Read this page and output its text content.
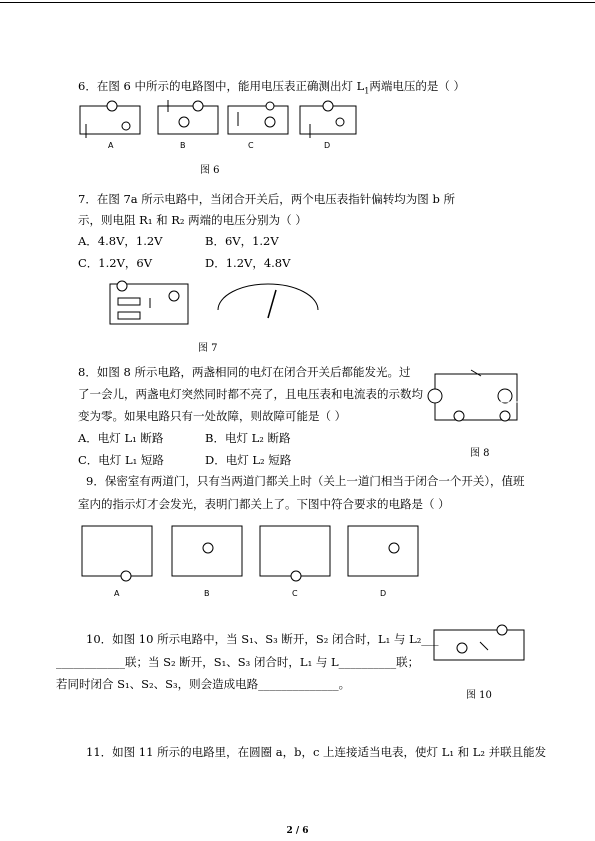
6．在图 6 中所示的电路图中，能用电压表正确测出灯 $L_1$两端电压的是（ ）
A	B	C	D
图 6
7．在图 7a 所示电路中，当闭合开关后，两个电压表指针偏转均为图 b 所
示，则电阻 R₁ 和 R₂ 两端的电压分别为（ ）
A．4.8V，1.2V	B．6V，1.2V
C．1.2V，6V	D．1.2V，4.8V
图 7
8．如图 8 所示电路，两盏相同的电灯在闭合开关后都能发光。过
了一会儿，两盏电灯突然同时都不亮了，且电压表和电流表的示数均
变为零。如果电路只有一处故障，则故障可能是（ ）
A．电灯 L₁ 断路	B．电灯 L₂ 断路
C．电灯 L₁ 短路	D．电灯 L₂ 短路	图 8
9．保密室有两道门，只有当两道门都关上时（关上一道门相当于闭合一个开关），值班
室内的指示灯才会发光，表明门都关上了。下图中符合要求的电路是（ ）
A	B	C	D
10．如图 10 所示电路中，当 S₁、S₃ 断开，S₂ 闭合时，L₁ 与 L₂___
____________联；当 S₂ 断开，S₁、S₃ 闭合时，L₁ 与 L__________联；
若同时闭合 S₁、S₂、S₃，则会造成电路______________。
图 10
11．如图 11 所示的电路里，在圆圈 a，b，c 上连接适当电表，使灯 L₁ 和 L₂ 并联且能发
2 / 6
